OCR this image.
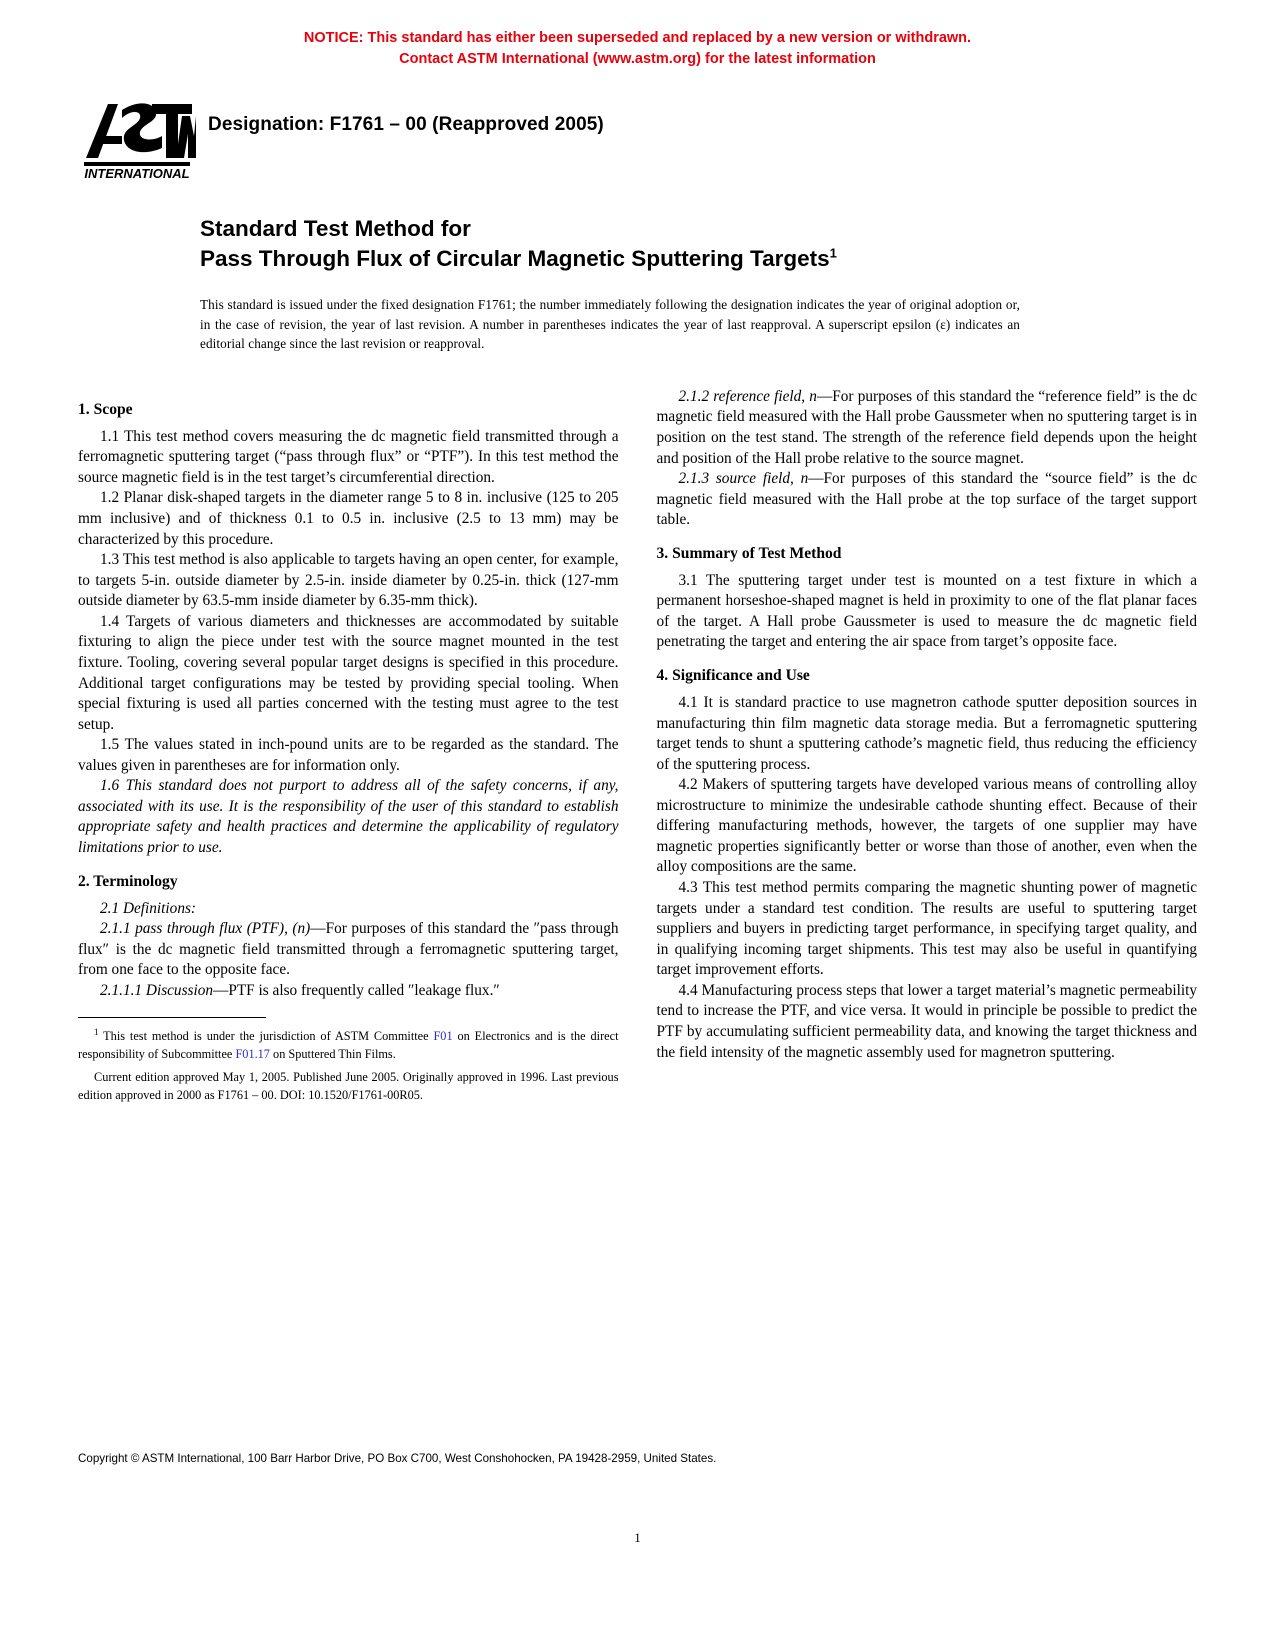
NOTICE: This standard has either been superseded and replaced by a new version or withdrawn.
Contact ASTM International (www.astm.org) for the latest information
INTERNATIONAL
Designation: F1761 – 00 (Reapproved 2005)
Standard Test Method for
Pass Through Flux of Circular Magnetic Sputtering Targets$^1$
This standard is issued under the fixed designation F1761; the number immediately following the designation indicates the year of original adoption or, in the case of revision, the year of last revision. A number in parentheses indicates the year of last reapproval. A superscript epsilon (ε) indicates an editorial change since the last revision or reapproval.
1. Scope

1.1 This test method covers measuring the dc magnetic field transmitted through a ferromagnetic sputtering target (“pass through flux” or “PTF”). In this test method the source magnetic field is in the test target’s circumferential direction.

1.2 Planar disk-shaped targets in the diameter range 5 to 8 in. inclusive (125 to 205 mm inclusive) and of thickness 0.1 to 0.5 in. inclusive (2.5 to 13 mm) may be characterized by this procedure.

1.3 This test method is also applicable to targets having an open center, for example, to targets 5-in. outside diameter by 2.5-in. inside diameter by 0.25-in. thick (127-mm outside diameter by 63.5-mm inside diameter by 6.35-mm thick).

1.4 Targets of various diameters and thicknesses are accommodated by suitable fixturing to align the piece under test with the source magnet mounted in the test fixture. Tooling, covering several popular target designs is specified in this procedure. Additional target configurations may be tested by providing special tooling. When special fixturing is used all parties concerned with the testing must agree to the test setup.

1.5 The values stated in inch-pound units are to be regarded as the standard. The values given in parentheses are for information only.

1.6 This standard does not purport to address all of the safety concerns, if any, associated with its use. It is the responsibility of the user of this standard to establish appropriate safety and health practices and determine the applicability of regulatory limitations prior to use.

2. Terminology

2.1 Definitions:

2.1.1 pass through flux (PTF), (n)—For purposes of this standard the ″pass through flux″ is the dc magnetic field transmitted through a ferromagnetic sputtering target, from one face to the opposite face.

2.1.1.1 Discussion—PTF is also frequently called ″leakage flux.″

$^1$ This test method is under the jurisdiction of ASTM Committee F01 on Electronics and is the direct responsibility of Subcommittee F01.17 on Sputtered Thin Films.

Current edition approved May 1, 2005. Published June 2005. Originally approved in 1996. Last previous edition approved in 2000 as F1761 – 00. DOI: 10.1520/F1761-00R05.

2.1.2 reference field, n—For purposes of this standard the “reference field” is the dc magnetic field measured with the Hall probe Gaussmeter when no sputtering target is in position on the test stand. The strength of the reference field depends upon the height and position of the Hall probe relative to the source magnet.

2.1.3 source field, n—For purposes of this standard the “source field” is the dc magnetic field measured with the Hall probe at the top surface of the target support table.

3. Summary of Test Method

3.1 The sputtering target under test is mounted on a test fixture in which a permanent horseshoe-shaped magnet is held in proximity to one of the flat planar faces of the target. A Hall probe Gaussmeter is used to measure the dc magnetic field penetrating the target and entering the air space from target’s opposite face.

4. Significance and Use

4.1 It is standard practice to use magnetron cathode sputter deposition sources in manufacturing thin film magnetic data storage media. But a ferromagnetic sputtering target tends to shunt a sputtering cathode’s magnetic field, thus reducing the efficiency of the sputtering process.

4.2 Makers of sputtering targets have developed various means of controlling alloy microstructure to minimize the undesirable cathode shunting effect. Because of their differing manufacturing methods, however, the targets of one supplier may have magnetic properties significantly better or worse than those of another, even when the alloy compositions are the same.

4.3 This test method permits comparing the magnetic shunting power of magnetic targets under a standard test condition. The results are useful to sputtering target suppliers and buyers in predicting target performance, in specifying target quality, and in qualifying incoming target shipments. This test may also be useful in quantifying target improvement efforts.

4.4 Manufacturing process steps that lower a target material’s magnetic permeability tend to increase the PTF, and vice versa. It would in principle be possible to predict the PTF by accumulating sufficient permeability data, and knowing the target thickness and the field intensity of the magnetic assembly used for magnetron sputtering.

Copyright © ASTM International, 100 Barr Harbor Drive, PO Box C700, West Conshohocken, PA 19428-2959, United States.
1
